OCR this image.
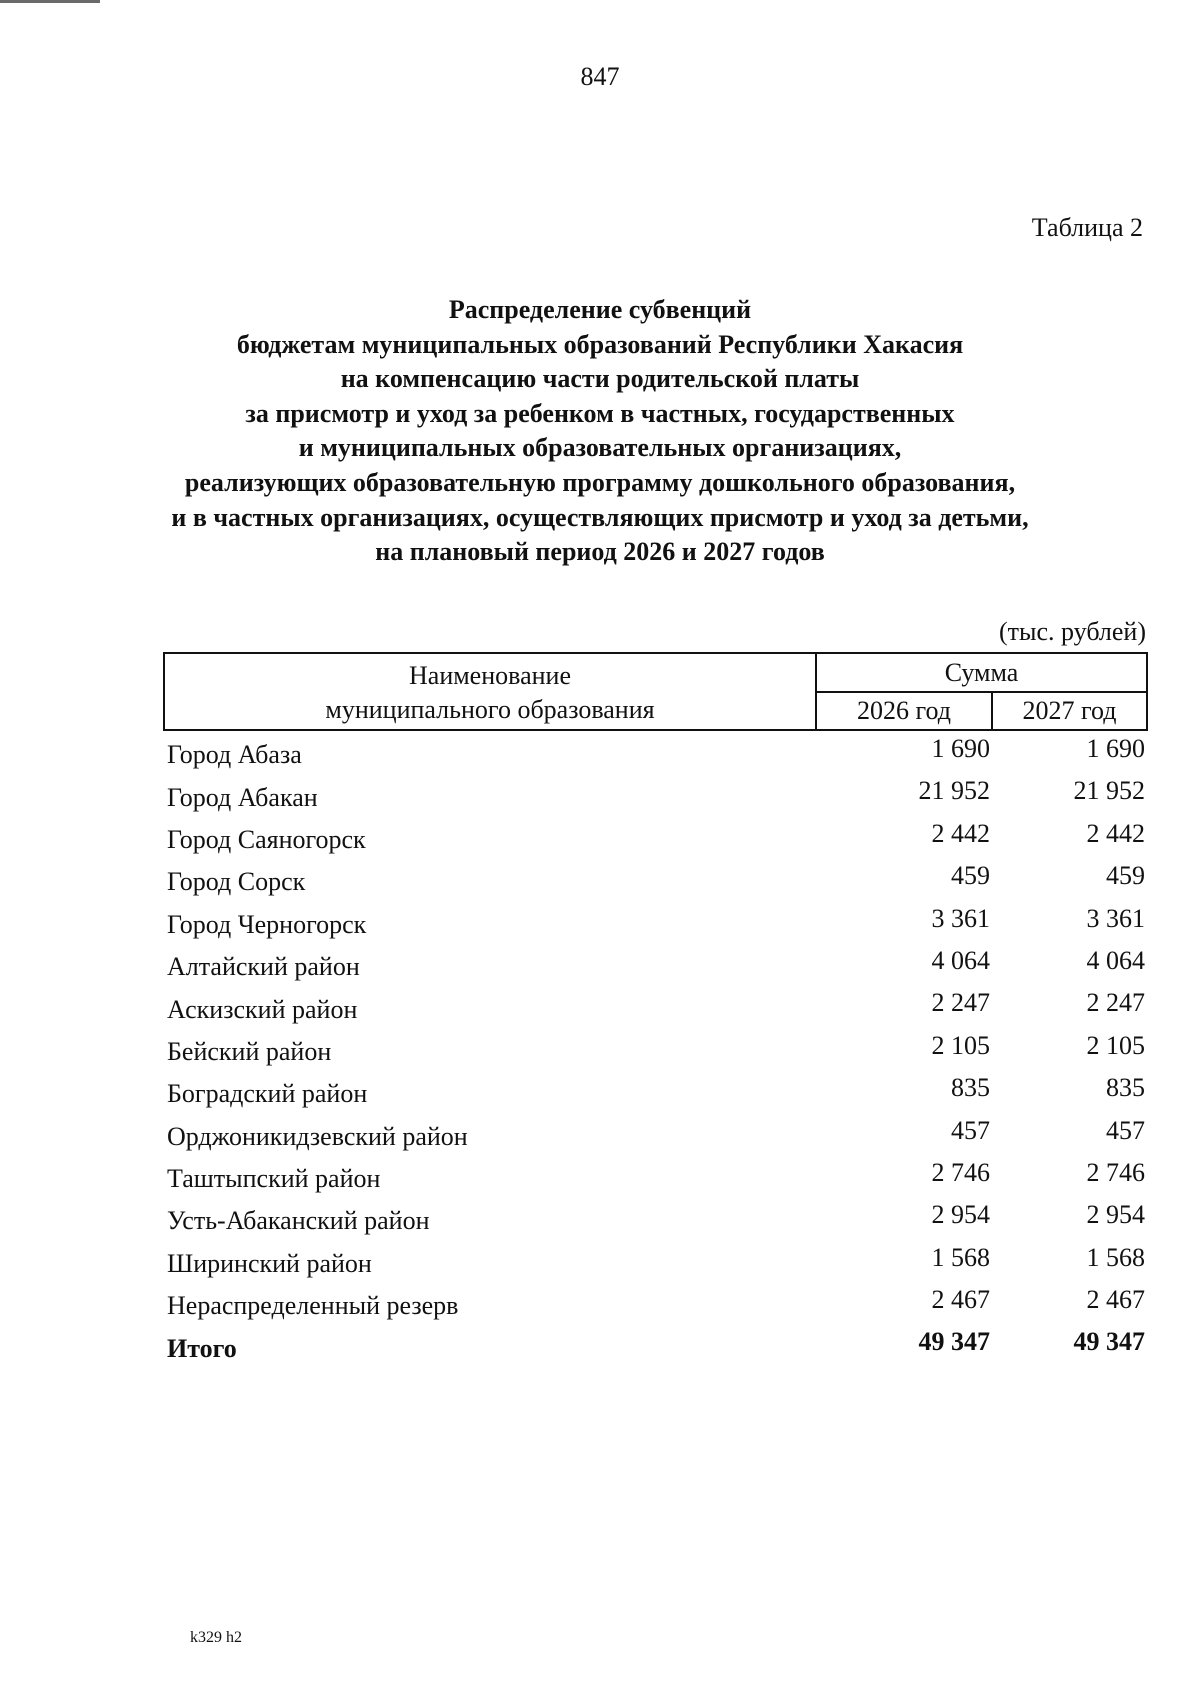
847
Таблица 2
Распределение субвенций
бюджетам муниципальных образований Республики Хакасия
на компенсацию части родительской платы
за присмотр и уход за ребенком в частных, государственных
и муниципальных образовательных организациях,
реализующих образовательную программу дошкольного образования,
и в частных организациях, осуществляющих присмотр и уход за детьми,
на плановый период 2026 и 2027 годов
(тыс. рублей)
Наименование
муниципального образования	Сумма	
	2026 год	2027 год
Город Абаза	1 690	1 690
Город Абакан	21 952	21 952
Город Саяногорск	2 442	2 442
Город Сорск	459	459
Город Черногорск	3 361	3 361
Алтайский район	4 064	4 064
Аскизский район	2 247	2 247
Бейский район	2 105	2 105
Боградский район	835	835
Орджоникидзевский район	457	457
Таштыпский район	2 746	2 746
Усть-Абаканский район	2 954	2 954
Ширинский район	1 568	1 568
Нераспределенный резерв	2 467	2 467
Итого	49 347	49 347
k329 h2
